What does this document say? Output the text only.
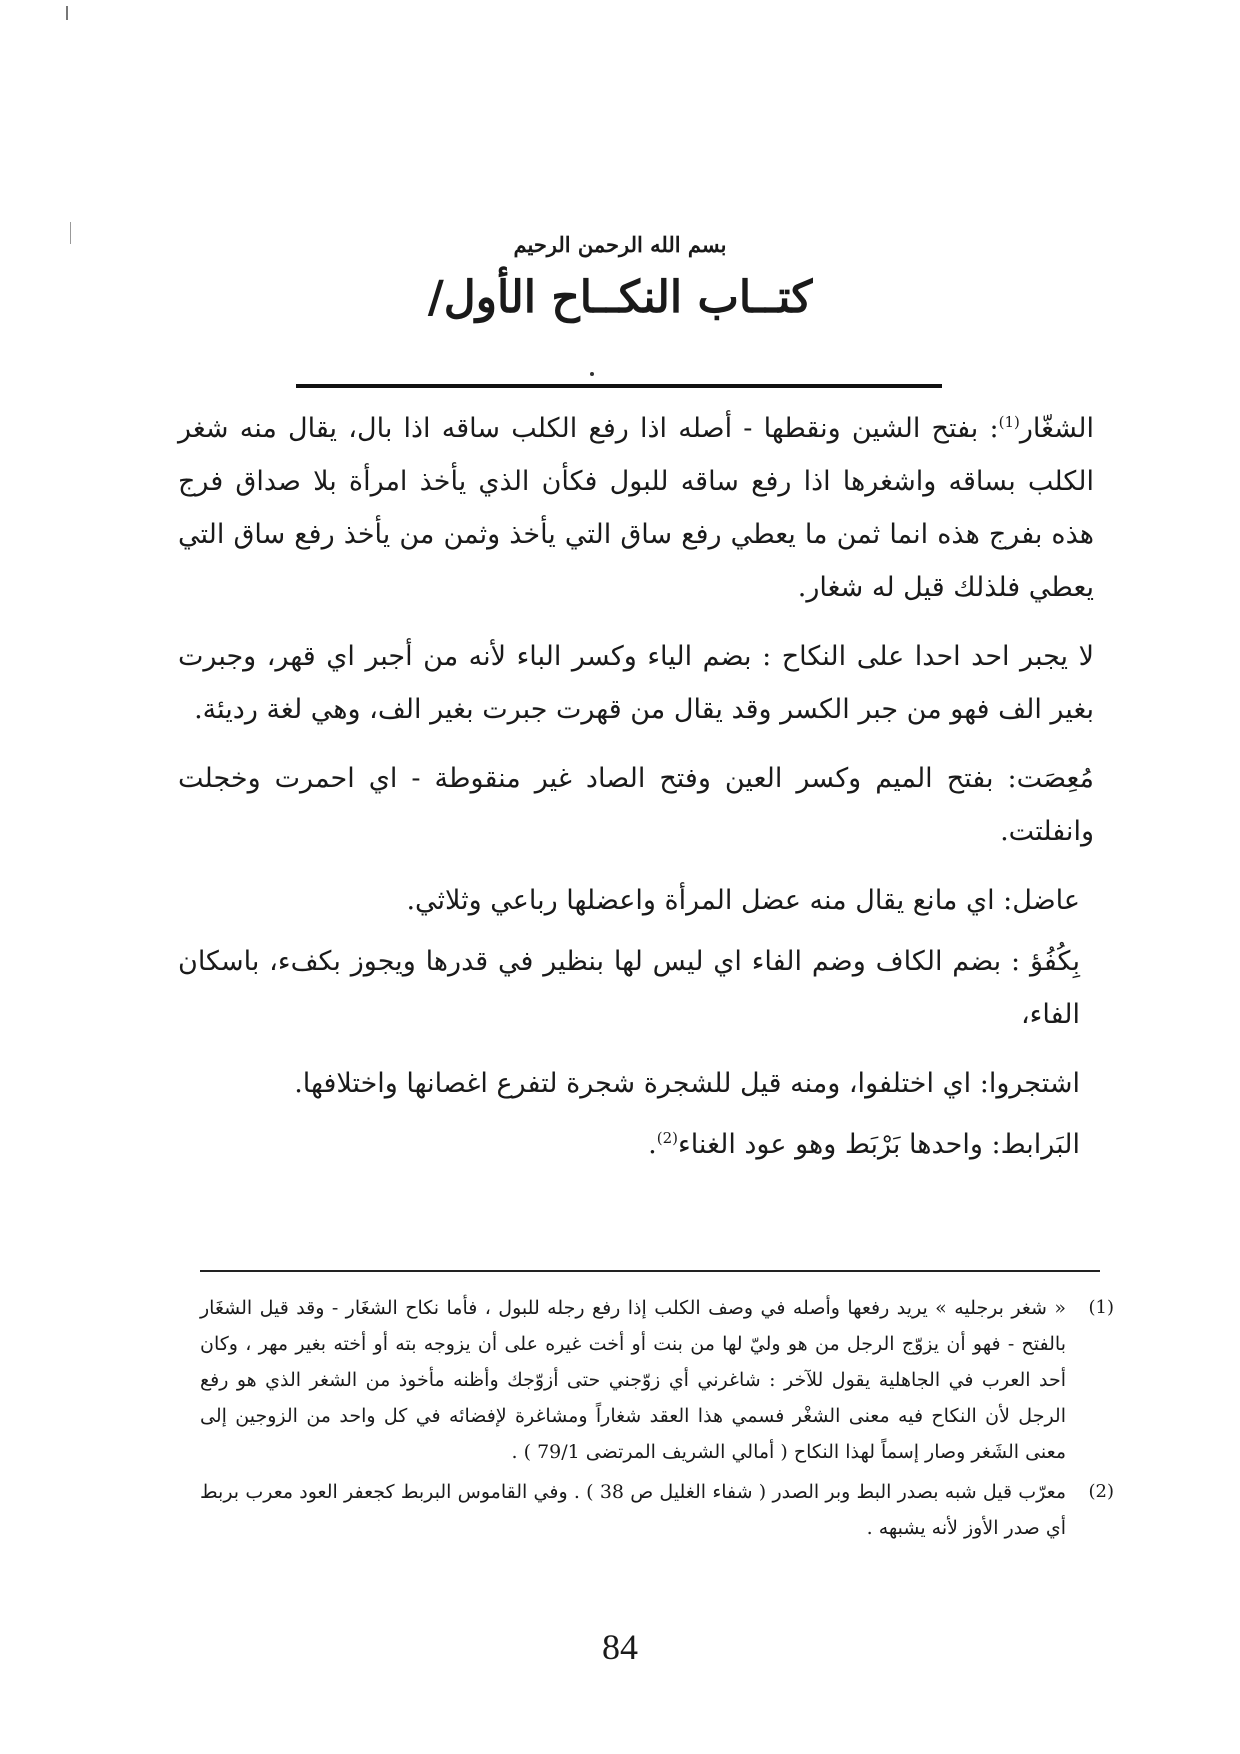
بسم الله الرحمن الرحيم
كتــاب النكــاح الأول/

الشغّار$^{(1)}$: بفتح الشين ونقطها - أصله اذا رفع الكلب ساقه اذا بال، يقال منه شغر الكلب بساقه واشغرها اذا رفع ساقه للبول فكأن الذي يأخذ امرأة بلا صداق فرج هذه بفرج هذه انما ثمن ما يعطي رفع ساق التي يأخذ وثمن من يأخذ رفع ساق التي يعطي فلذلك قيل له شغار.

لا يجبر احد احدا على النكاح : بضم الياء وكسر الباء لأنه من أجبر اي قهر، وجبرت بغير الف فهو من جبر الكسر وقد يقال من قهرت جبرت بغير الف، وهي لغة رديئة.

مُعِصَت: بفتح الميم وكسر العين وفتح الصاد غير منقوطة - اي احمرت وخجلت وانفلتت.

عاضل: اي مانع يقال منه عضل المرأة واعضلها رباعي وثلاثي.

بِكُفُؤ : بضم الكاف وضم الفاء اي ليس لها بنظير في قدرها ويجوز بكفء، باسكان الفاء،

اشتجروا: اي اختلفوا، ومنه قيل للشجرة شجرة لتفرع اغصانها واختلافها.

البَرابط: واحدها بَرْبَط وهو عود الغناء$^{(2)}$.

(1)
« شغر برجليه » يريد رفعها وأصله في وصف الكلب إذا رفع رجله للبول ، فأما نكاح الشغَار - وقد قيل الشغَار بالفتح - فهو أن يزوّج الرجل من هو وليّ لها من بنت أو أخت غيره على أن يزوجه بته أو أخته بغير مهر ، وكان أحد العرب في الجاهلية يقول للآخر : شاغرني أي زوّجني حتى أزوّجك وأظنه مأخوذ من الشغر الذي هو رفع الرجل لأن النكاح فيه معنى الشغْر فسمي هذا العقد شغاراً ومشاغرة لإفضائه في كل واحد من الزوجين إلى معنى الشَغر وصار إسماً لهذا النكاح ( أمالي الشريف المرتضى 79/1 ) .
(2)
معرّب قيل شبه بصدر البط وبر الصدر ( شفاء الغليل ص 38 ) . وفي القاموس البربط كجعفر العود معرب بربط أي صدر الأوز لأنه يشبهه .
84
